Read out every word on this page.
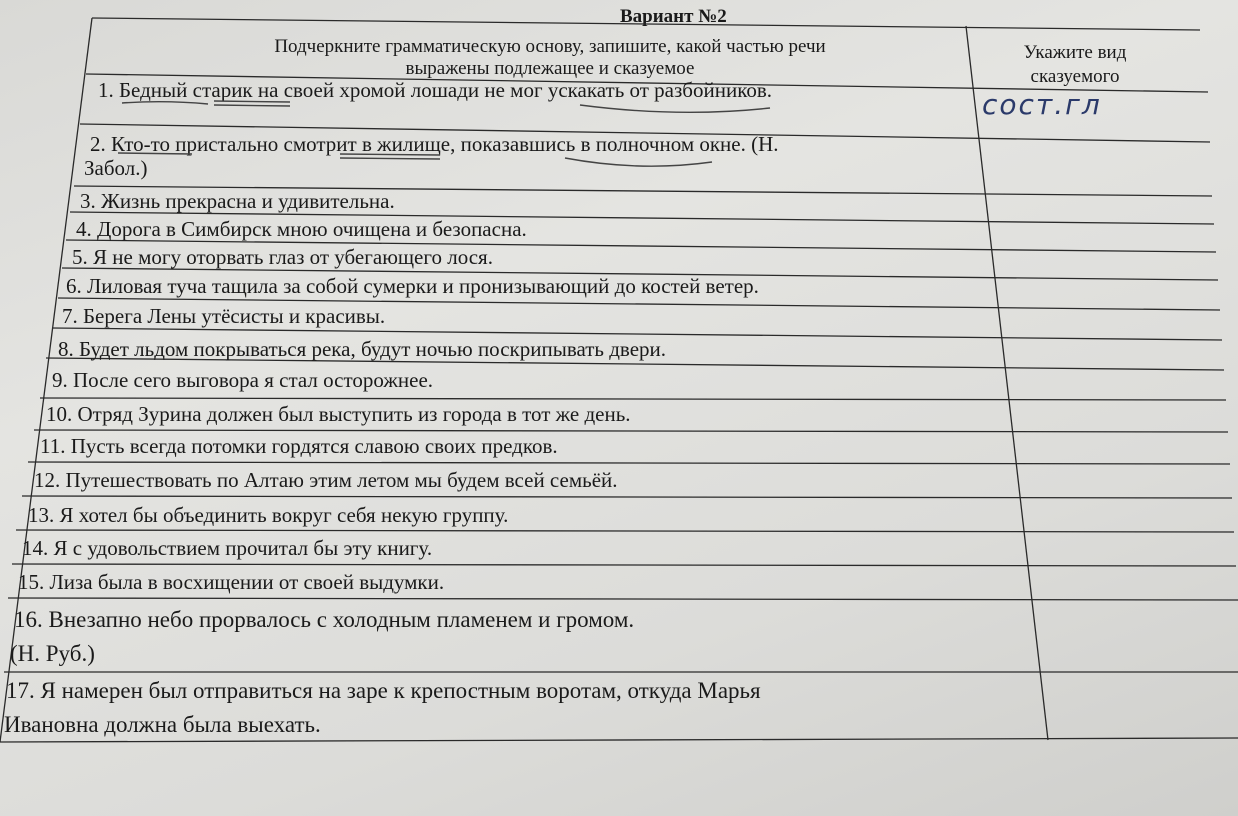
Вариант №2
Подчеркните грамматическую основу, запишите, какой частью речи
выражены подлежащее и сказуемое
Укажите вид
сказуемого
сост.гл
1. Бедный старик на своей хромой лошади не мог ускакать от разбойников.
2. Кто-то пристально смотрит в жилище, показавшись в полночном окне. (Н.
Забол.)
3. Жизнь прекрасна и удивительна.
4. Дорога в Симбирск мною очищена и безопасна.
5. Я не могу оторвать глаз от убегающего лося.
6. Лиловая туча тащила за собой сумерки и пронизывающий до костей ветер.
7. Берега Лены утёсисты и красивы.
8. Будет льдом покрываться река, будут ночью поскрипывать двери.
9. После сего выговора я стал осторожнее.
10. Отряд Зурина должен был выступить из города в тот же день.
11. Пусть всегда потомки гордятся славою своих предков.
12. Путешествовать по Алтаю этим летом мы будем всей семьёй.
13. Я хотел бы объединить вокруг себя некую группу.
14. Я с удовольствием прочитал бы эту книгу.
15. Лиза была в восхищении от своей выдумки.
16. Внезапно небо прорвалось с холодным пламенем и громом.
(Н. Руб.)
17. Я намерен был отправиться на заре к крепостным воротам, откуда Марья
Ивановна должна была выехать.
